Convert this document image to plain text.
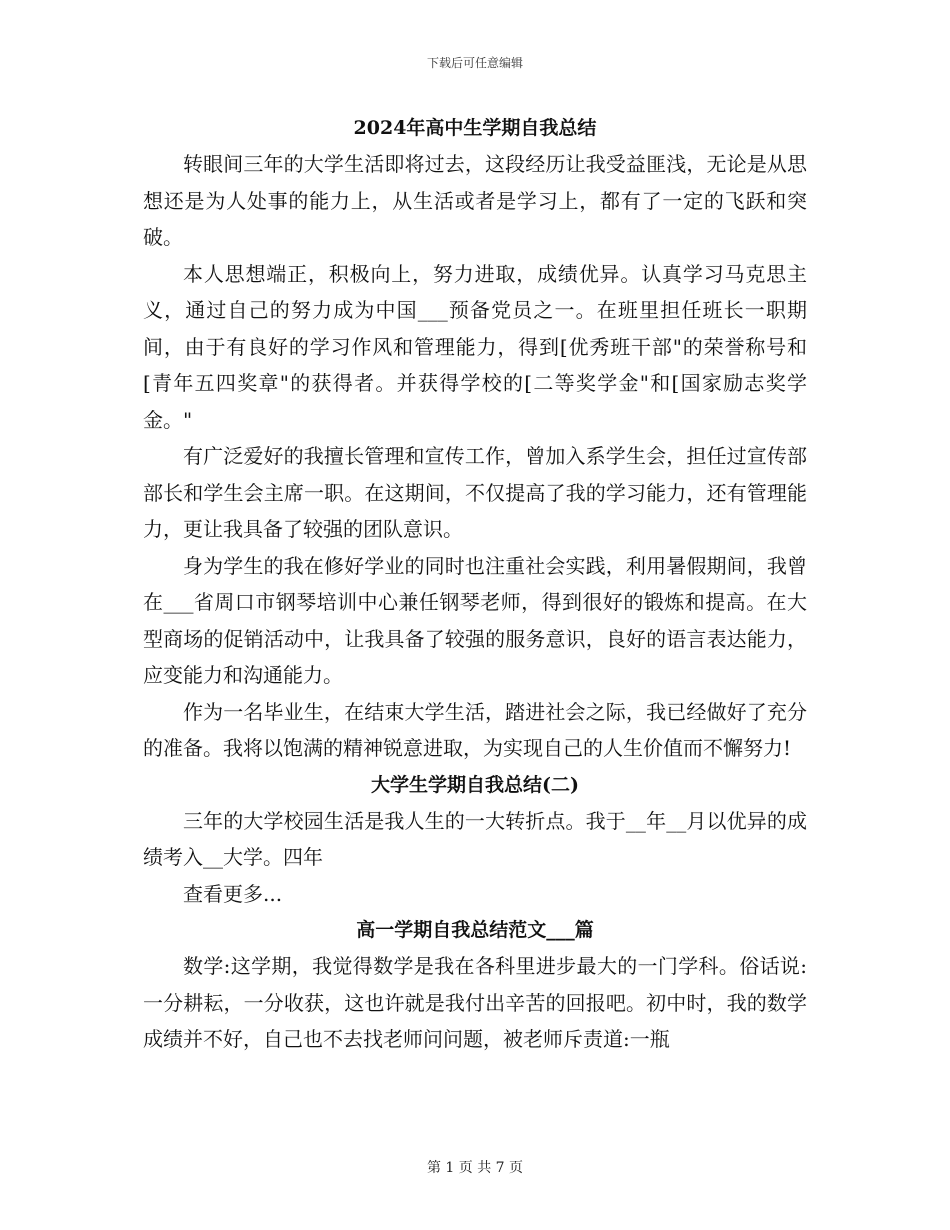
下载后可任意编辑
2024年高中生学期自我总结

转眼间三年的大学生活即将过去，这段经历让我受益匪浅，无论是从思想还是为人处事的能力上，从生活或者是学习上，都有了一定的飞跃和突破。

本人思想端正，积极向上，努力进取，成绩优异。认真学习马克思主义，通过自己的努力成为中国___预备党员之一。在班里担任班长一职期间，由于有良好的学习作风和管理能力，得到[优秀班干部"的荣誉称号和[青年五四奖章"的获得者。并获得学校的[二等奖学金"和[国家励志奖学金。"

有广泛爱好的我擅长管理和宣传工作，曾加入系学生会，担任过宣传部部长和学生会主席一职。在这期间，不仅提高了我的学习能力，还有管理能力，更让我具备了较强的团队意识。

身为学生的我在修好学业的同时也注重社会实践，利用暑假期间，我曾在___省周口市钢琴培训中心兼任钢琴老师，得到很好的锻炼和提高。在大型商场的促销活动中，让我具备了较强的服务意识，良好的语言表达能力，应变能力和沟通能力。

作为一名毕业生，在结束大学生活，踏进社会之际，我已经做好了充分的准备。我将以饱满的精神锐意进取，为实现自己的人生价值而不懈努力!

大学生学期自我总结(二)

三年的大学校园生活是我人生的一大转折点。我于__年__月以优异的成绩考入__大学。四年

查看更多...

高一学期自我总结范文___篇

数学:这学期，我觉得数学是我在各科里进步最大的一门学科。俗话说:一分耕耘，一分收获，这也许就是我付出辛苦的回报吧。初中时，我的数学成绩并不好，自己也不去找老师问问题，被老师斥责道:一瓶

第 1 页 共 7 页
